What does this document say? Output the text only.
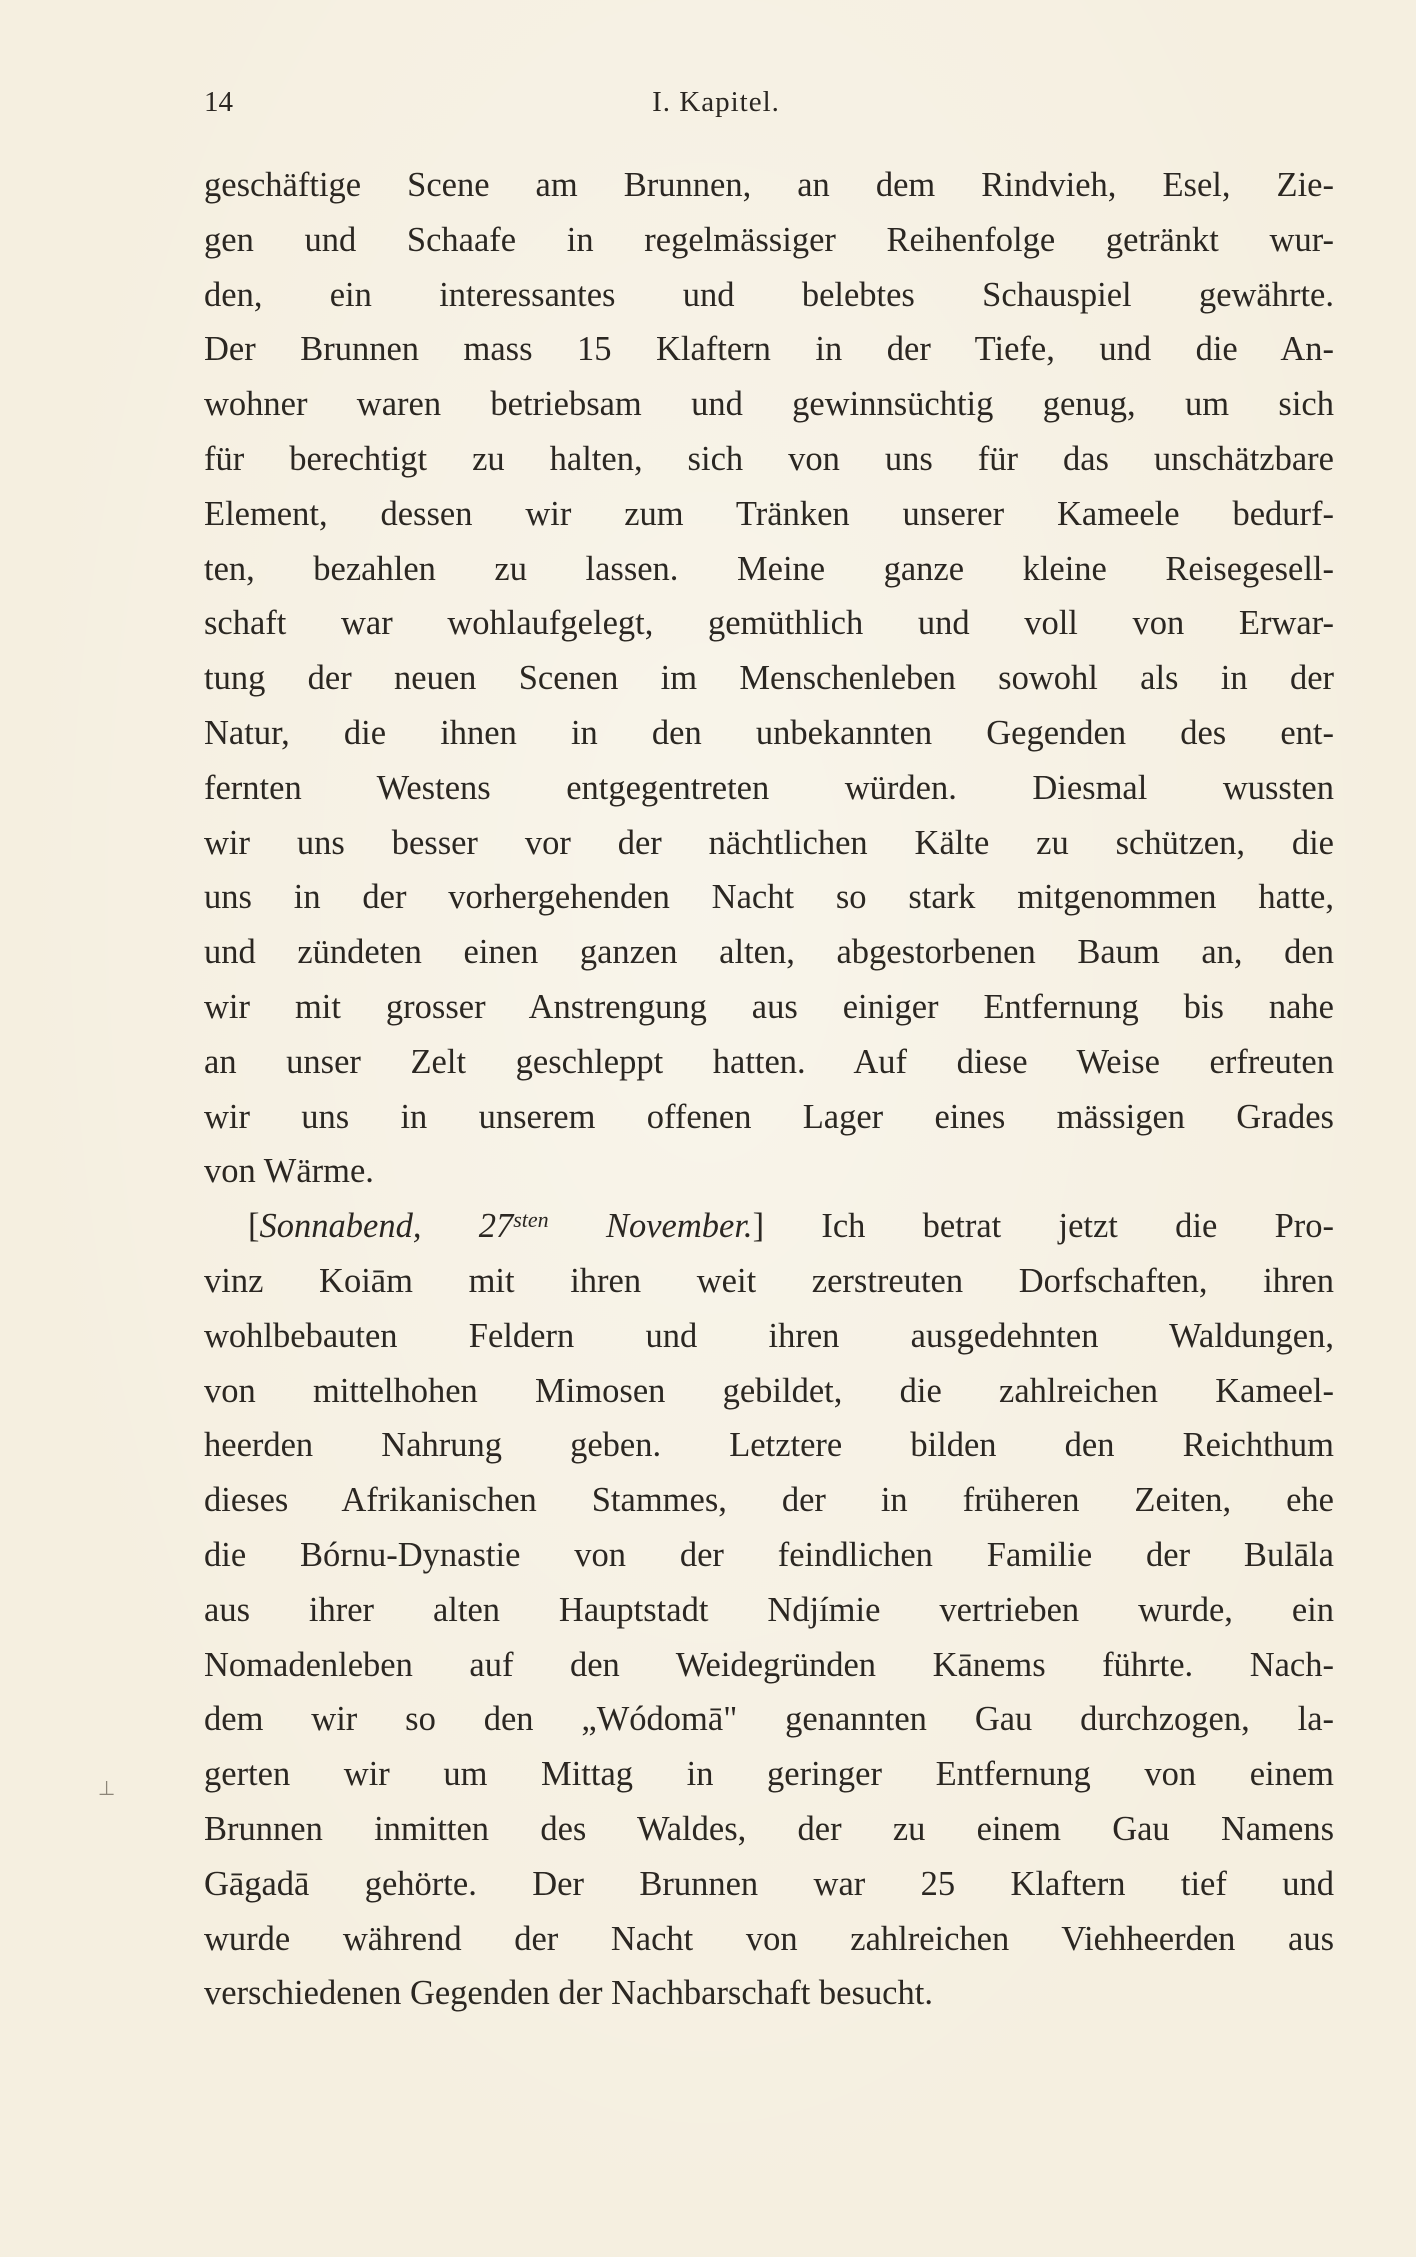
14	I. Kapitel.

geschäftige Scene am Brunnen, an dem Rindvieh, Esel, Zie-
gen und Schaafe in regelmässiger Reihenfolge getränkt wur-
den, ein interessantes und belebtes Schauspiel gewährte.
Der Brunnen mass 15 Klaftern in der Tiefe, und die An-
wohner waren betriebsam und gewinnsüchtig genug, um sich
für berechtigt zu halten, sich von uns für das unschätzbare
Element, dessen wir zum Tränken unserer Kameele bedurf-
ten, bezahlen zu lassen. Meine ganze kleine Reisegesell-
schaft war wohlaufgelegt, gemüthlich und voll von Erwar-
tung der neuen Scenen im Menschenleben sowohl als in der
Natur, die ihnen in den unbekannten Gegenden des ent-
fernten Westens entgegentreten würden. Diesmal wussten
wir uns besser vor der nächtlichen Kälte zu schützen, die
uns in der vorhergehenden Nacht so stark mitgenommen hatte,
und zündeten einen ganzen alten, abgestorbenen Baum an, den
wir mit grosser Anstrengung aus einiger Entfernung bis nahe
an unser Zelt geschleppt hatten. Auf diese Weise erfreuten
wir uns in unserem offenen Lager eines mässigen Grades
von Wärme.

[Sonnabend, $27^{sten}$ November.] Ich betrat jetzt die Pro-
vinz Koiām mit ihren weit zerstreuten Dorfschaften, ihren
wohlbebauten Feldern und ihren ausgedehnten Waldungen,
von mittelhohen Mimosen gebildet, die zahlreichen Kameel-
heerden Nahrung geben. Letztere bilden den Reichthum
dieses Afrikanischen Stammes, der in früheren Zeiten, ehe
die Bórnu-Dynastie von der feindlichen Familie der Bulāla
aus ihrer alten Hauptstadt Ndjímie vertrieben wurde, ein
Nomadenleben auf den Weidegründen Kānems führte. Nach-
dem wir so den „Wódomā" genannten Gau durchzogen, la-
gerten wir um Mittag in geringer Entfernung von einem
Brunnen inmitten des Waldes, der zu einem Gau Namens
Gāgadā gehörte. Der Brunnen war 25 Klaftern tief und
wurde während der Nacht von zahlreichen Viehheerden aus
verschiedenen Gegenden der Nachbarschaft besucht.

⊥
